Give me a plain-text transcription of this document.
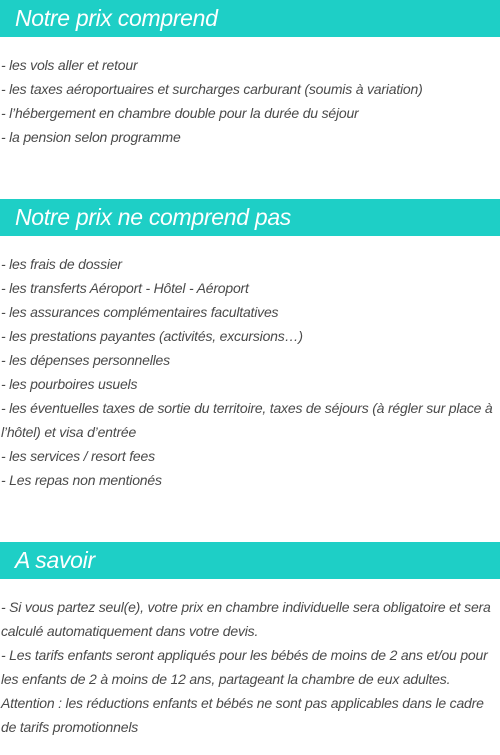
Notre prix comprend
- les vols aller et retour
- les taxes aéroportuaires et surcharges carburant (soumis à variation)
- l’hébergement en chambre double pour la durée du séjour
- la pension selon programme
Notre prix ne comprend pas
- les frais de dossier
- les transferts Aéroport - Hôtel - Aéroport
- les assurances complémentaires facultatives
- les prestations payantes (activités, excursions…)
- les dépenses personnelles
- les pourboires usuels
- les éventuelles taxes de sortie du territoire, taxes de séjours (à régler sur place à l’hôtel) et visa d’entrée
- les services / resort fees
- Les repas non mentionés
A savoir
- Si vous partez seul(e), votre prix en chambre individuelle sera obligatoire et sera calculé automatiquement dans votre devis.
- Les tarifs enfants seront appliqués pour les bébés de moins de 2 ans et/ou pour les enfants de 2 à moins de 12 ans, partageant la chambre de eux adultes.
Attention : les réductions enfants et bébés ne sont pas applicables dans le cadre de tarifs promotionnels
